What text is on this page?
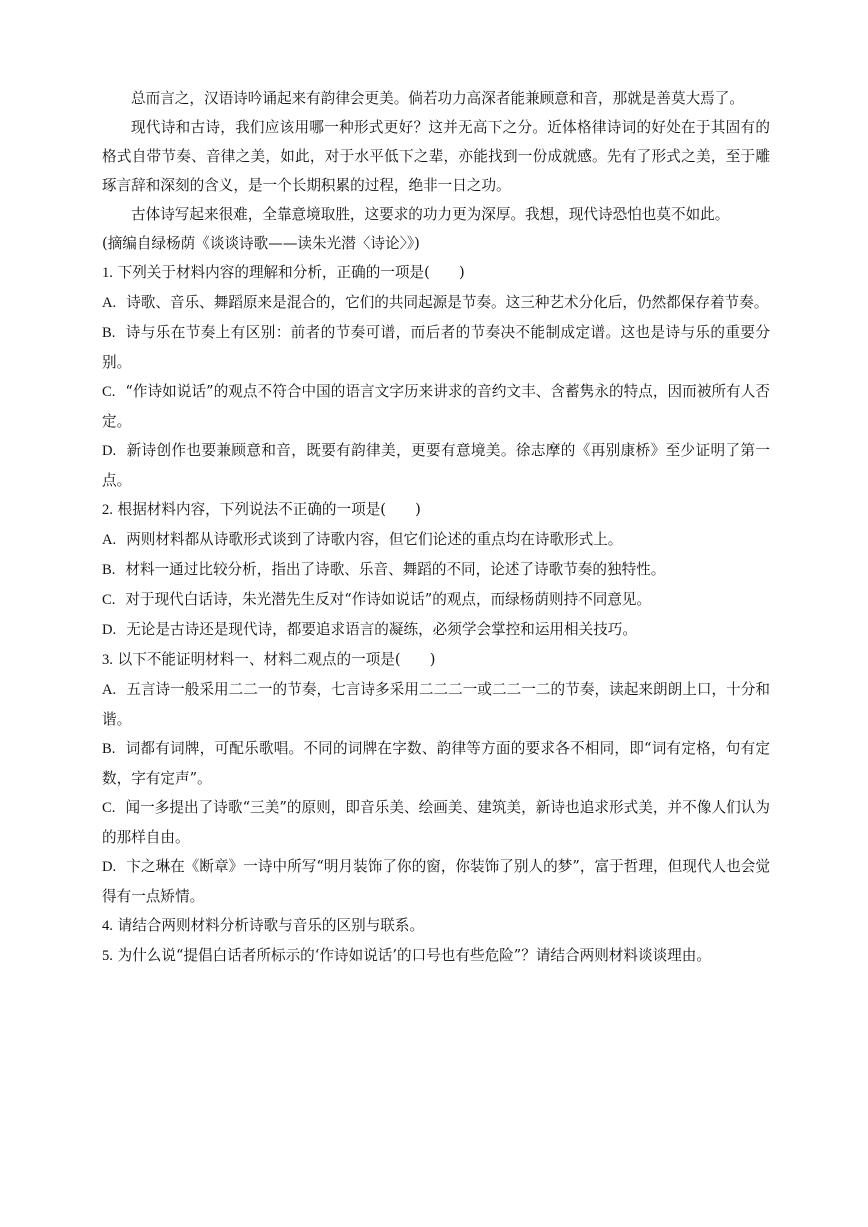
总而言之，汉语诗吟诵起来有韵律会更美。倘若功力高深者能兼顾意和音，那就是善莫大焉了。

现代诗和古诗，我们应该用哪一种形式更好？这并无高下之分。近体格律诗词的好处在于其固有的格式自带节奏、音律之美，如此，对于水平低下之辈，亦能找到一份成就感。先有了形式之美，至于雕琢言辞和深刻的含义，是一个长期积累的过程，绝非一日之功。

古体诗写起来很难，全靠意境取胜，这要求的功力更为深厚。我想，现代诗恐怕也莫不如此。

(摘编自绿杨荫《谈谈诗歌——读朱光潜〈诗论〉》)

1. 下列关于材料内容的理解和分析，正确的一项是(　　)

A. 诗歌、音乐、舞蹈原来是混合的，它们的共同起源是节奏。这三种艺术分化后，仍然都保存着节奏。

B. 诗与乐在节奏上有区别：前者的节奏可谱，而后者的节奏决不能制成定谱。这也是诗与乐的重要分别。

C. “作诗如说话”的观点不符合中国的语言文字历来讲求的音约文丰、含蓄隽永的特点，因而被所有人否定。

D. 新诗创作也要兼顾意和音，既要有韵律美，更要有意境美。徐志摩的《再别康桥》至少证明了第一点。

2. 根据材料内容，下列说法不正确的一项是(　　)

A. 两则材料都从诗歌形式谈到了诗歌内容，但它们论述的重点均在诗歌形式上。

B. 材料一通过比较分析，指出了诗歌、乐音、舞蹈的不同，论述了诗歌节奏的独特性。

C. 对于现代白话诗，朱光潜先生反对“作诗如说话”的观点，而绿杨荫则持不同意见。

D. 无论是古诗还是现代诗，都要追求语言的凝练，必须学会掌控和运用相关技巧。

3. 以下不能证明材料一、材料二观点的一项是(　　)

A. 五言诗一般采用二二一的节奏，七言诗多采用二二二一或二二一二的节奏，读起来朗朗上口，十分和谐。

B. 词都有词牌，可配乐歌唱。不同的词牌在字数、韵律等方面的要求各不相同，即“词有定格，句有定数，字有定声”。

C. 闻一多提出了诗歌“三美”的原则，即音乐美、绘画美、建筑美，新诗也追求形式美，并不像人们认为的那样自由。

D. 卞之琳在《断章》一诗中所写“明月装饰了你的窗，你装饰了别人的梦”，富于哲理，但现代人也会觉得有一点矫情。

4. 请结合两则材料分析诗歌与音乐的区别与联系。

5. 为什么说“提倡白话者所标示的‘作诗如说话’的口号也有些危险”？请结合两则材料谈谈理由。
